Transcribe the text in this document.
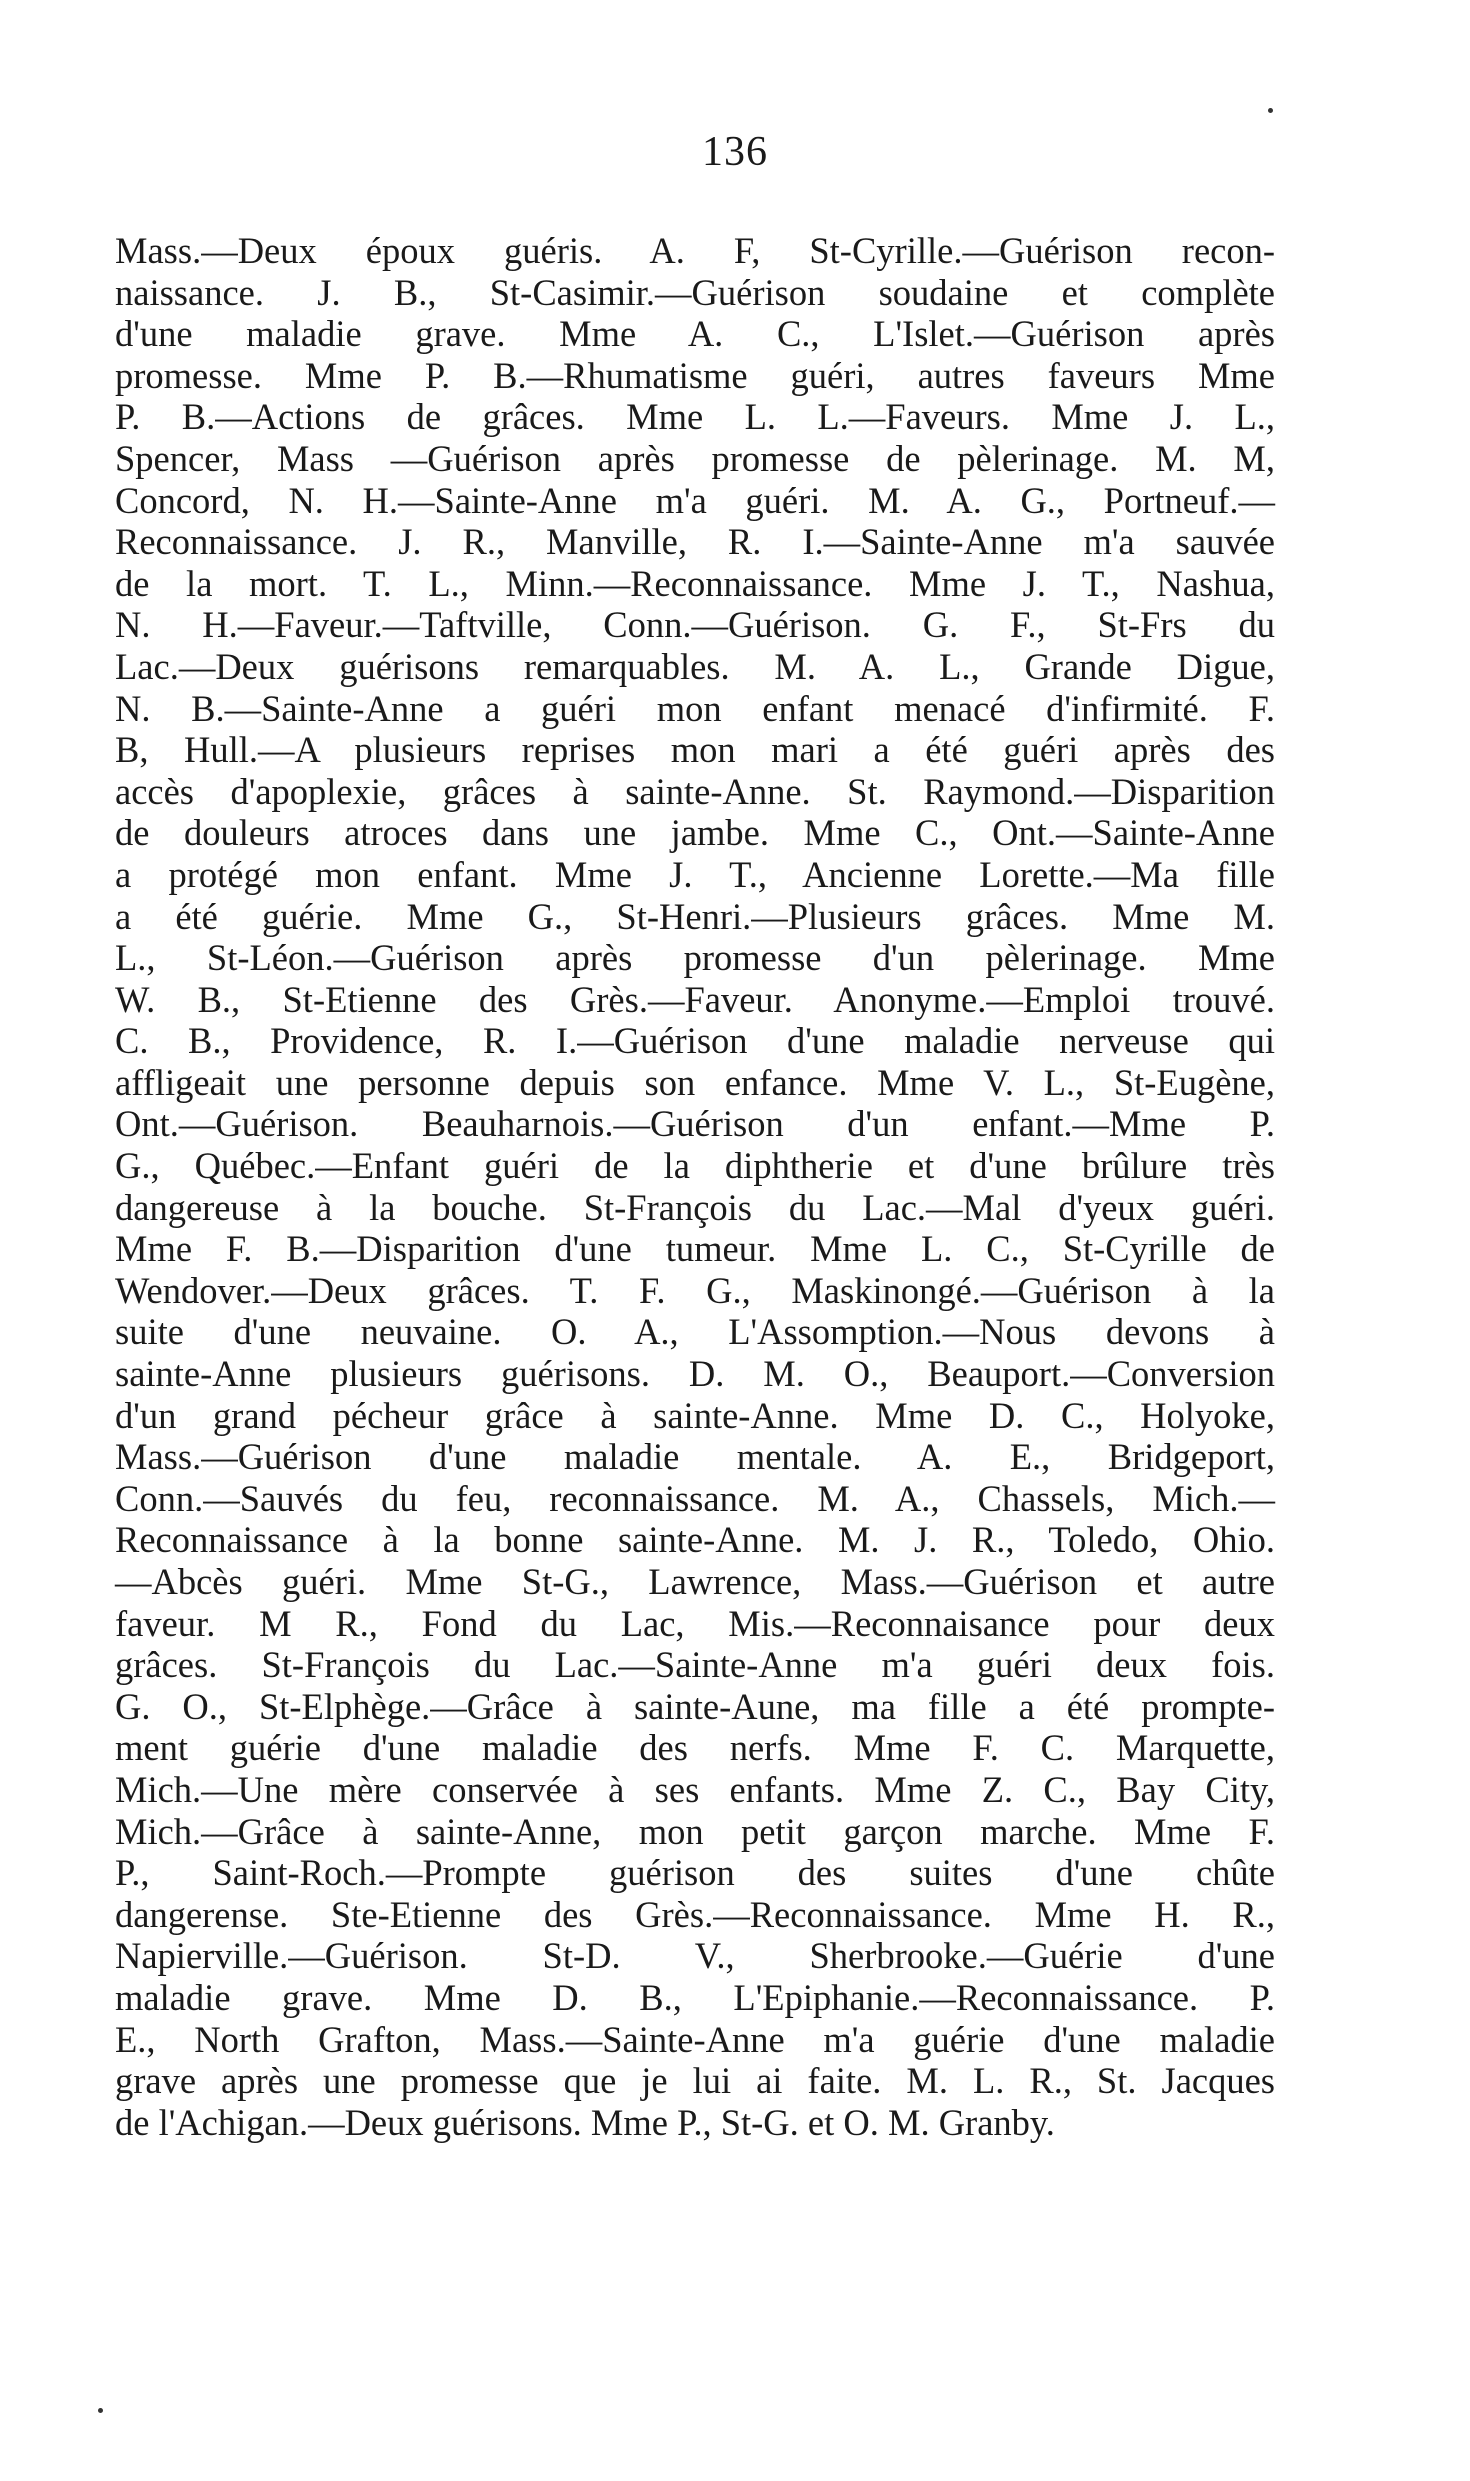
136
Mass.—Deux époux guéris. A. F, St-Cyrille.—Guérison recon-
naissance. J. B., St-Casimir.—Guérison soudaine et complète
d'une maladie grave. Mme A. C., L'Islet.—Guérison après
promesse. Mme P. B.—Rhumatisme guéri, autres faveurs Mme
P. B.—Actions de grâces. Mme L. L.—Faveurs. Mme J. L.,
Spencer, Mass —Guérison après promesse de pèlerinage. M. M,
Concord, N. H.—Sainte-Anne m'a guéri. M. A. G., Portneuf.—
Reconnaissance. J. R., Manville, R. I.—Sainte-Anne m'a sauvée
de la mort. T. L., Minn.—Reconnaissance. Mme J. T., Nashua,
N. H.—Faveur.—Taftville, Conn.—Guérison. G. F., St-Frs du
Lac.—Deux guérisons remarquables. M. A. L., Grande Digue,
N. B.—Sainte-Anne a guéri mon enfant menacé d'infirmité. F.
B, Hull.—A plusieurs reprises mon mari a été guéri après des
accès d'apoplexie, grâces à sainte-Anne. St. Raymond.—Disparition
de douleurs atroces dans une jambe. Mme C., Ont.—Sainte-Anne
a protégé mon enfant. Mme J. T., Ancienne Lorette.—Ma fille
a été guérie. Mme G., St-Henri.—Plusieurs grâces. Mme M.
L., St-Léon.—Guérison après promesse d'un pèlerinage. Mme
W. B., St-Etienne des Grès.—Faveur. Anonyme.—Emploi trouvé.
C. B., Providence, R. I.—Guérison d'une maladie nerveuse qui
affligeait une personne depuis son enfance. Mme V. L., St-Eugène,
Ont.—Guérison. Beauharnois.—Guérison d'un enfant.—Mme P.
G., Québec.—Enfant guéri de la diphtherie et d'une brûlure très
dangereuse à la bouche. St-François du Lac.—Mal d'yeux guéri.
Mme F. B.—Disparition d'une tumeur. Mme L. C., St-Cyrille de
Wendover.—Deux grâces. T. F. G., Maskinongé.—Guérison à la
suite d'une neuvaine. O. A., L'Assomption.—Nous devons à
sainte-Anne plusieurs guérisons. D. M. O., Beauport.—Conversion
d'un grand pécheur grâce à sainte-Anne. Mme D. C., Holyoke,
Mass.—Guérison d'une maladie mentale. A. E., Bridgeport,
Conn.—Sauvés du feu, reconnaissance. M. A., Chassels, Mich.—
Reconnaissance à la bonne sainte-Anne. M. J. R., Toledo, Ohio.
—Abcès guéri. Mme St-G., Lawrence, Mass.—Guérison et autre
faveur. M R., Fond du Lac, Mis.—Reconnaisance pour deux
grâces. St-François du Lac.—Sainte-Anne m'a guéri deux fois.
G. O., St-Elphège.—Grâce à sainte-Aune, ma fille a été prompte-
ment guérie d'une maladie des nerfs. Mme F. C. Marquette,
Mich.—Une mère conservée à ses enfants. Mme Z. C., Bay City,
Mich.—Grâce à sainte-Anne, mon petit garçon marche. Mme F.
P., Saint-Roch.—Prompte guérison des suites d'une chûte
dangerense. Ste-Etienne des Grès.—Reconnaissance. Mme H. R.,
Napierville.—Guérison. St-D. V., Sherbrooke.—Guérie d'une
maladie grave. Mme D. B., L'Epiphanie.—Reconnaissance. P.
E., North Grafton, Mass.—Sainte-Anne m'a guérie d'une maladie
grave après une promesse que je lui ai faite. M. L. R., St. Jacques
de l'Achigan.—Deux guérisons. Mme P., St-G. et O. M. Granby.
